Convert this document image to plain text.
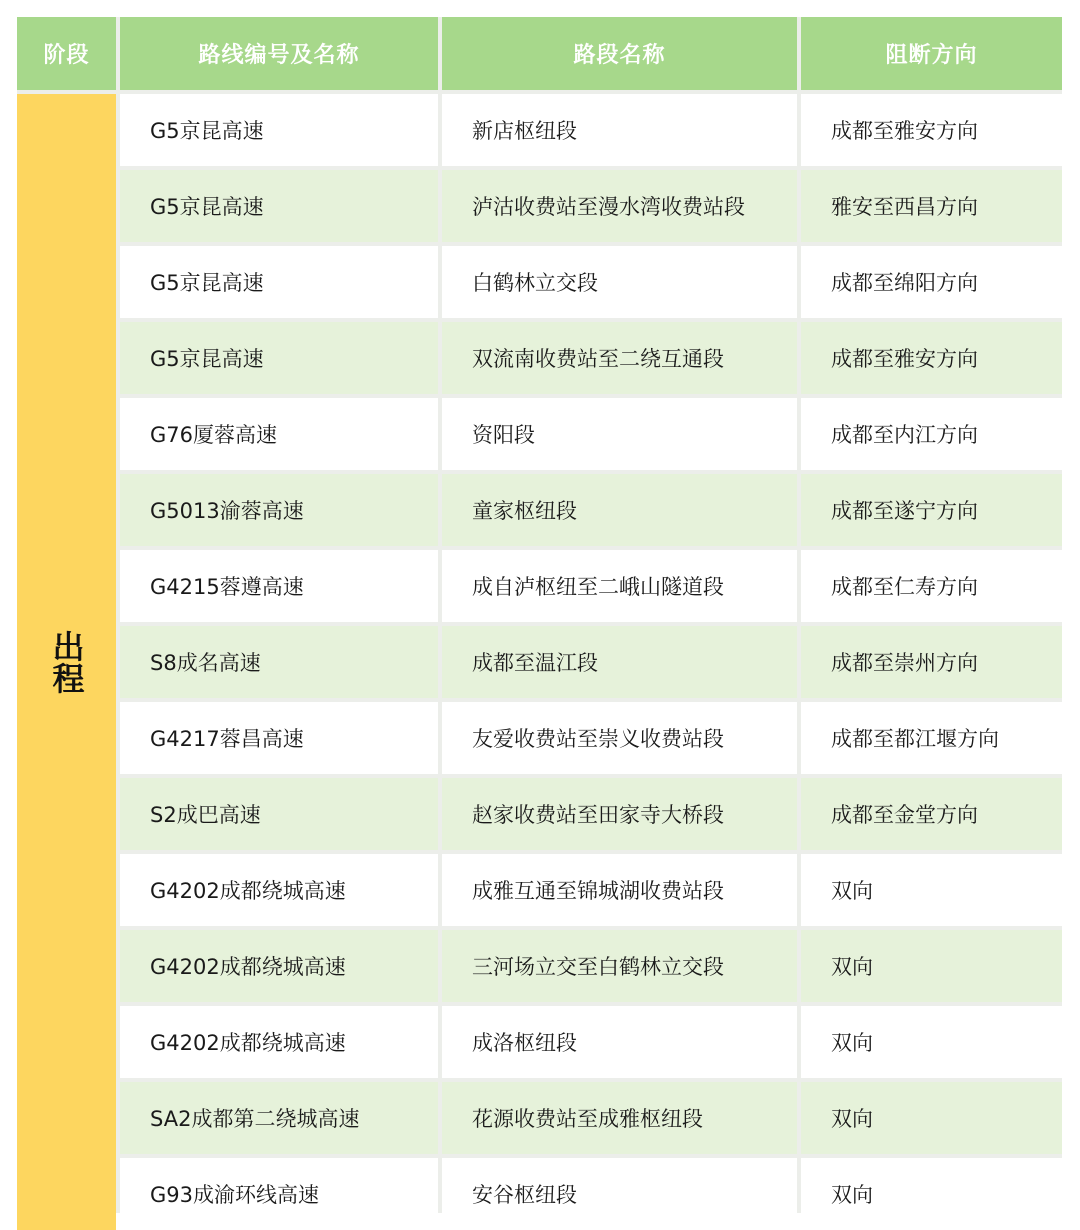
阶段	路线编号及名称	路段名称	阻断方向
出程
G5京昆高速	新店枢纽段	成都至雅安方向
G5京昆高速	泸沽收费站至漫水湾收费站段	雅安至西昌方向
G5京昆高速	白鹤林立交段	成都至绵阳方向
G5京昆高速	双流南收费站至二绕互通段	成都至雅安方向
G76厦蓉高速	资阳段	成都至内江方向
G5013渝蓉高速	童家枢纽段	成都至遂宁方向
G4215蓉遵高速	成自泸枢纽至二峨山隧道段	成都至仁寿方向
S8成名高速	成都至温江段	成都至崇州方向
G4217蓉昌高速	友爱收费站至崇义收费站段	成都至都江堰方向
S2成巴高速	赵家收费站至田家寺大桥段	成都至金堂方向
G4202成都绕城高速	成雅互通至锦城湖收费站段	双向
G4202成都绕城高速	三河场立交至白鹤林立交段	双向
G4202成都绕城高速	成洛枢纽段	双向
SA2成都第二绕城高速	花源收费站至成雅枢纽段	双向
G93成渝环线高速	安谷枢纽段	双向
